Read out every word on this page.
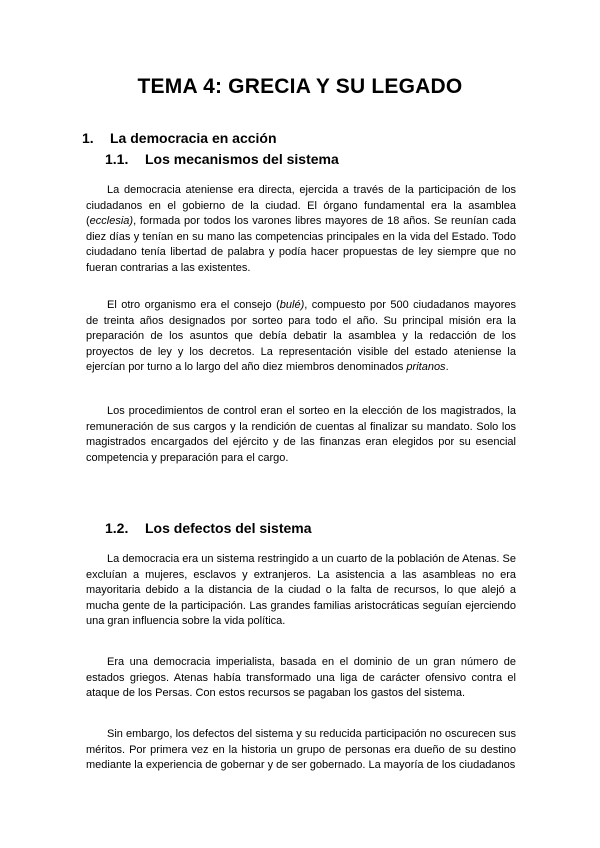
TEMA 4: GRECIA Y SU LEGADO
1. La democracia en acción
1.1. Los mecanismos del sistema

La democracia ateniense era directa, ejercida a través de la participación de los ciudadanos en el gobierno de la ciudad. El órgano fundamental era la asamblea (ecclesia), formada por todos los varones libres mayores de 18 años. Se reunían cada diez días y tenían en su mano las competencias principales en la vida del Estado. Todo ciudadano tenía libertad de palabra y podía hacer propuestas de ley siempre que no fueran contrarias a las existentes.

El otro organismo era el consejo (bulé), compuesto por 500 ciudadanos mayores de treinta años designados por sorteo para todo el año. Su principal misión era la preparación de los asuntos que debía debatir la asamblea y la redacción de los proyectos de ley y los decretos. La representación visible del estado ateniense la ejercían por turno a lo largo del año diez miembros denominados pritanos.

Los procedimientos de control eran el sorteo en la elección de los magistrados, la remuneración de sus cargos y la rendición de cuentas al finalizar su mandato. Solo los magistrados encargados del ejército y de las finanzas eran elegidos por su esencial competencia y preparación para el cargo.

1.2. Los defectos del sistema

La democracia era un sistema restringido a un cuarto de la población de Atenas. Se excluían a mujeres, esclavos y extranjeros. La asistencia a las asambleas no era mayoritaria debido a la distancia de la ciudad o la falta de recursos, lo que alejó a mucha gente de la participación. Las grandes familias aristocráticas seguían ejerciendo una gran influencia sobre la vida política.

Era una democracia imperialista, basada en el dominio de un gran número de estados griegos. Atenas había transformado una liga de carácter ofensivo contra el ataque de los Persas. Con estos recursos se pagaban los gastos del sistema.

Sin embargo, los defectos del sistema y su reducida participación no oscurecen sus méritos. Por primera vez en la historia un grupo de personas era dueño de su destino mediante la experiencia de gobernar y de ser gobernado. La mayoría de los ciudadanos
